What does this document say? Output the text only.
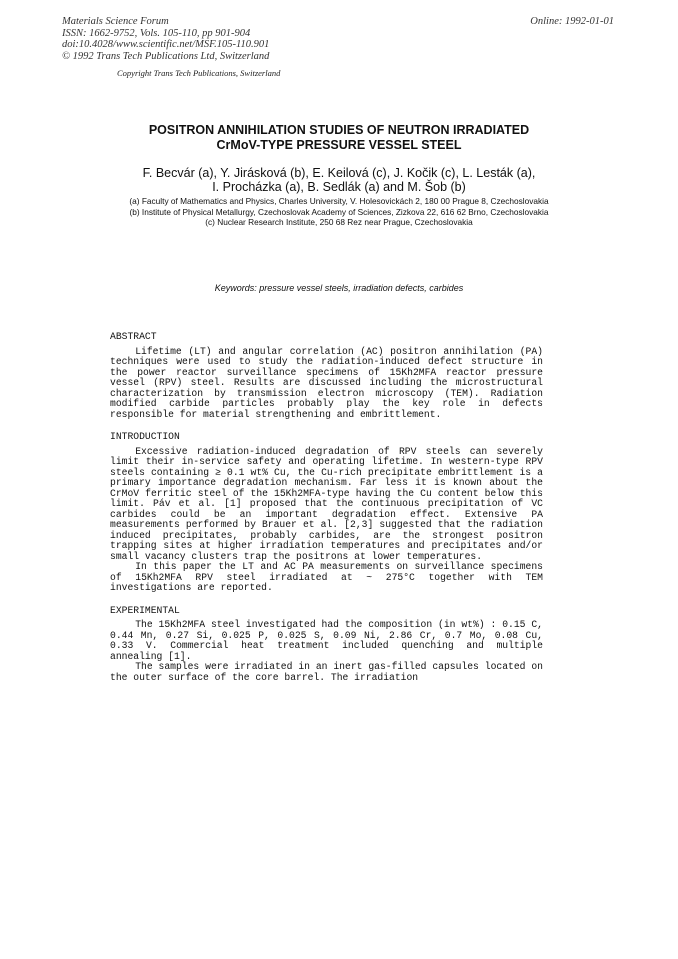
Materials Science Forum
ISSN: 1662-9752, Vols. 105-110, pp 901-904
doi:10.4028/www.scientific.net/MSF.105-110.901
© 1992 Trans Tech Publications Ltd, Switzerland
Online: 1992-01-01
Copyright Trans Tech Publications, Switzerland
POSITRON ANNIHILATION STUDIES OF NEUTRON IRRADIATED
CrMoV-TYPE PRESSURE VESSEL STEEL
F. Becvár (a), Y. Jirásková (b), E. Keilová (c), J. Kočik (c), L. Lesták (a),
I. Procházka (a), B. Sedlák (a) and M. Šob (b)
(a) Faculty of Mathematics and Physics, Charles University, V. Holesovickách 2, 180 00 Prague 8, Czechoslovakia
(b) Institute of Physical Metallurgy, Czechoslovak Academy of Sciences, Zizkova 22, 616 62 Brno, Czechoslovakia
(c) Nuclear Research Institute, 250 68 Rez near Prague, Czechoslovakia
Keywords: pressure vessel steels, irradiation defects, carbides
ABSTRACT

Lifetime (LT) and angular correlation (AC) positron annihilation (PA) techniques were used to study the radiation-induced defect structure in the power reactor surveillance specimens of 15Kh2MFA reactor pressure vessel (RPV) steel. Results are discussed including the microstructural characterization by transmission electron microscopy (TEM). Radiation modified carbide particles probably play the key role in defects responsible for material strengthening and embrittlement.

INTRODUCTION

Excessive radiation-induced degradation of RPV steels can severely limit their in-service safety and operating lifetime. In western-type RPV steels containing ≥ 0.1 wt% Cu, the Cu-rich precipitate embrittlement is a primary importance degradation mechanism. Far less it is known about the CrMoV ferritic steel of the 15Kh2MFA-type having the Cu content below this limit. Páv et al. [1] proposed that the continuous precipitation of VC carbides could be an important degradation effect. Extensive PA measurements performed by Brauer et al. [2,3] suggested that the radiation induced precipitates, probably carbides, are the strongest positron trapping sites at higher irradiation temperatures and precipitates and/or small vacancy clusters trap the positrons at lower temperatures.

In this paper the LT and AC PA measurements on surveillance specimens of 15Kh2MFA RPV steel irradiated at ~ 275°C together with TEM investigations are reported.

EXPERIMENTAL

The 15Kh2MFA steel investigated had the composition (in wt%) : 0.15 C, 0.44 Mn, 0.27 Si, 0.025 P, 0.025 S, 0.09 Ni, 2.86 Cr, 0.7 Mo, 0.08 Cu, 0.33 V. Commercial heat treatment included quenching and multiple annealing [1].

The samples were irradiated in an inert gas-filled capsules located on the outer surface of the core barrel. The irradiation
